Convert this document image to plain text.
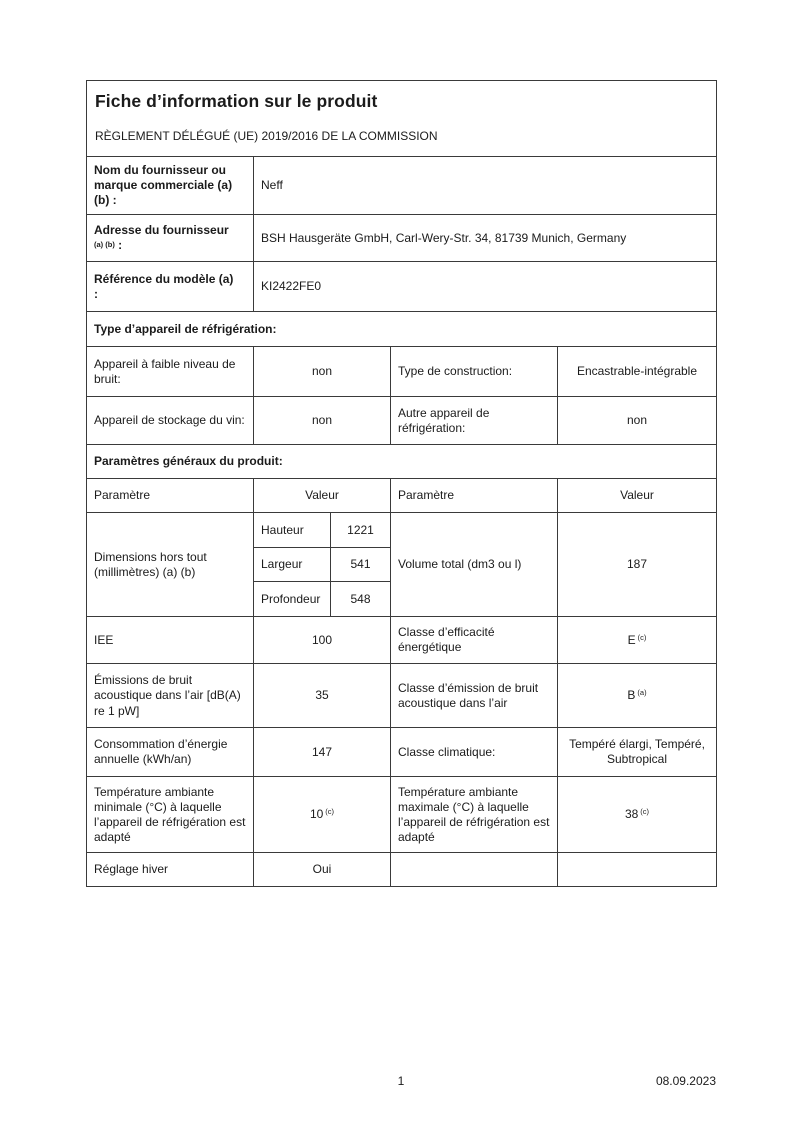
Fiche d’information sur le produit
RÈGLEMENT DÉLÉGUÉ (UE) 2019/2016 DE LA COMMISSION			

Nom du fournisseur ou marque commerciale (a) (b) :	Neff		

Adresse du fournisseur
(a) (b) :	BSH Hausgeräte GmbH, Carl-Wery-Str. 34, 81739 Munich, Germany		

Référence du modèle (a)
:	KI2422FE0		
Type d’appareil de réfrigération:			
Appareil à faible niveau de bruit:	non	Type de construction:	Encastrable-intégrable
Appareil de stockage du vin:	non	Autre appareil de réfrigération:	non
Paramètres généraux du produit:			
Paramètre	Valeur	Paramètre	Valeur
Dimensions hors tout (millimètres) (a) (b)	
Hauteur	1221
Largeur	541
Profondeur	548
	Volume total (dm3 ou l)	187
IEE	100	Classe d’efficacité énergétique	E $^{(c)}$
Émissions de bruit acoustique dans l’air [dB(A) re 1 pW]	35	Classe d’émission de bruit acoustique dans l’air	B $^{(a)}$
Consommation d’énergie annuelle (kWh/an)	147	Classe climatique:	Tempéré élargi, Tempéré, Subtropical
Température ambiante minimale (°C) à laquelle l’appareil de réfrigération est adapté	10 $^{(c)}$	Température ambiante maximale (°C) à laquelle l’appareil de réfrigération est adapté	38 $^{(c)}$
Réglage hiver	Oui		
1	08.09.2023
